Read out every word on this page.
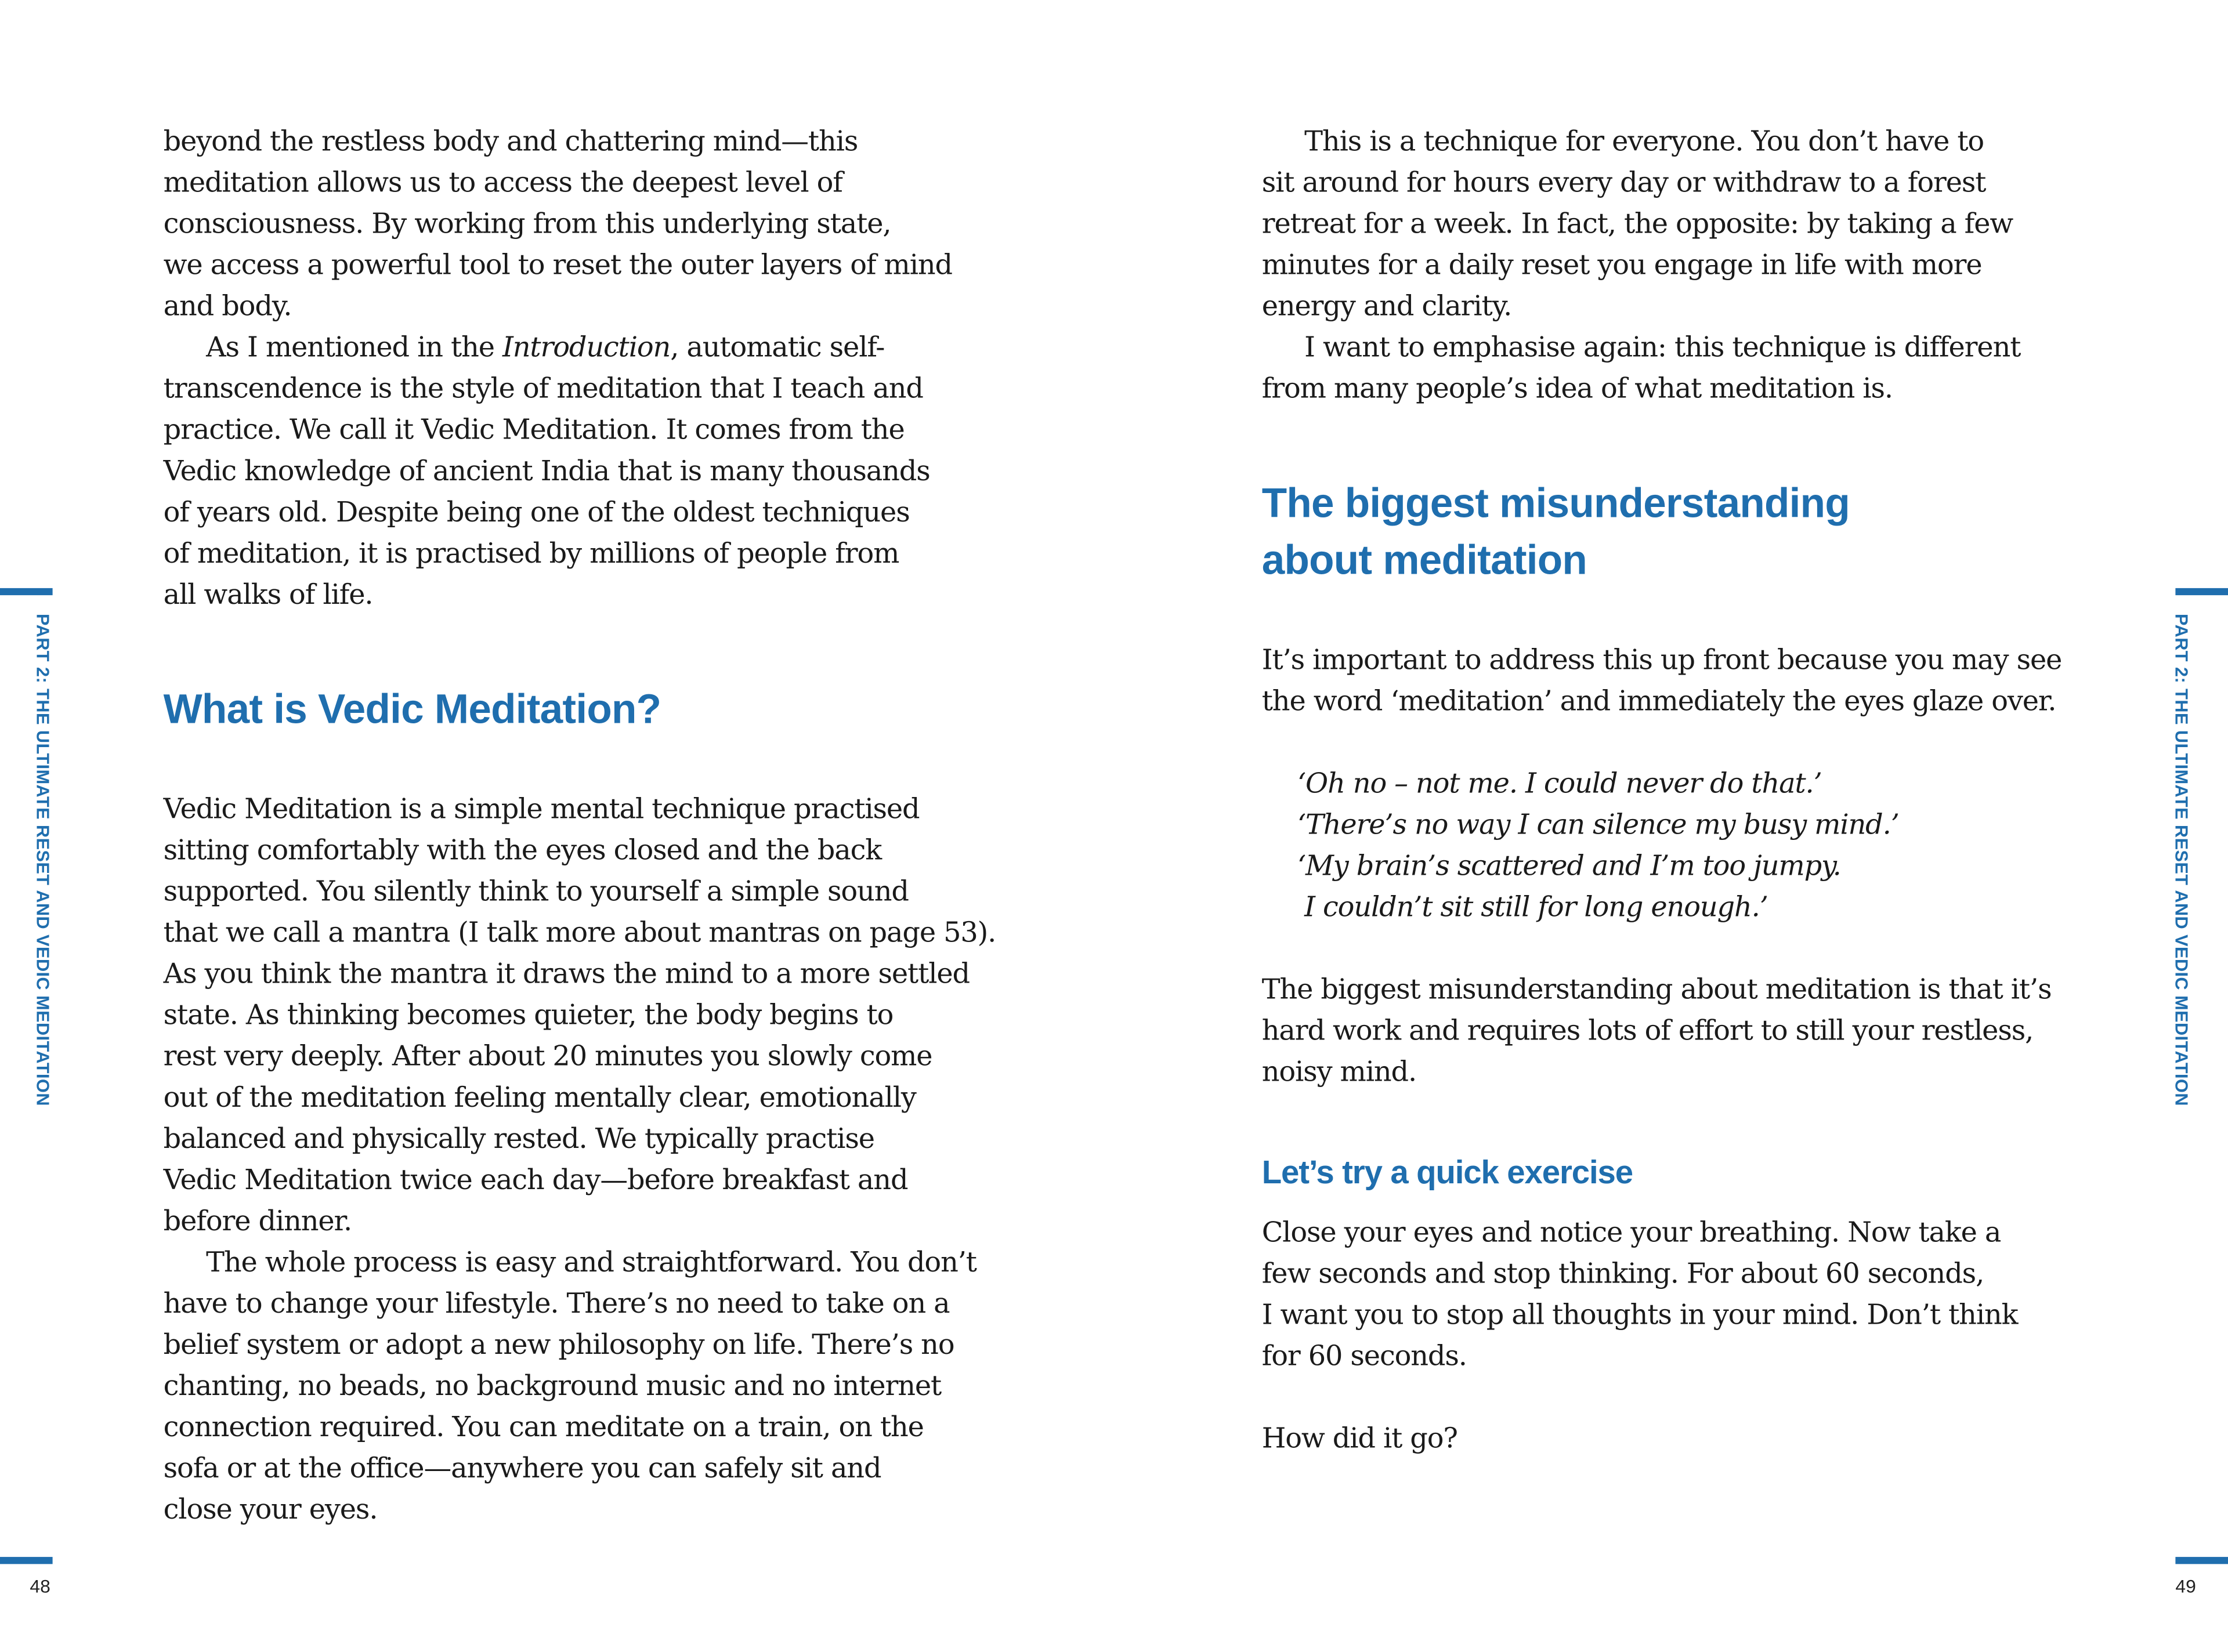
PART 2: THE ULTIMATE RESET AND VEDIC MEDITATION
48
PART 2: THE ULTIMATE RESET AND VEDIC MEDITATION
49
beyond the restless body and chattering mind—this
meditation allows us to access the deepest level of
consciousness. By working from this underlying state,
we access a powerful tool to reset the outer layers of mind
and body.
As I mentioned in the Introduction, automatic self-
transcendence is the style of meditation that I teach and
practice. We call it Vedic Meditation. It comes from the
Vedic knowledge of ancient India that is many thousands
of years old. Despite being one of the oldest techniques
of meditation, it is practised by millions of people from
all walks of life.
What is Vedic Meditation?
Vedic Meditation is a simple mental technique practised
sitting comfortably with the eyes closed and the back
supported. You silently think to yourself a simple sound
that we call a mantra (I talk more about mantras on page 53).
As you think the mantra it draws the mind to a more settled
state. As thinking becomes quieter, the body begins to
rest very deeply. After about 20 minutes you slowly come
out of the meditation feeling mentally clear, emotionally
balanced and physically rested. We typically practise
Vedic Meditation twice each day—before breakfast and
before dinner.
The whole process is easy and straightforward. You don’t
have to change your lifestyle. There’s no need to take on a
belief system or adopt a new philosophy on life. There’s no
chanting, no beads, no background music and no internet
connection required. You can meditate on a train, on the
sofa or at the office—anywhere you can safely sit and
close your eyes.
This is a technique for everyone. You don’t have to
sit around for hours every day or withdraw to a forest
retreat for a week. In fact, the opposite: by taking a few
minutes for a daily reset you engage in life with more
energy and clarity.
I want to emphasise again: this technique is different
from many people’s idea of what meditation is.
The biggest misunderstanding
about meditation
It’s important to address this up front because you may see
the word ‘meditation’ and immediately the eyes glaze over.
‘Oh no – not me. I could never do that.’
‘There’s no way I can silence my busy mind.’
‘My brain’s scattered and I’m too jumpy.
I couldn’t sit still for long enough.’
The biggest misunderstanding about meditation is that it’s
hard work and requires lots of effort to still your restless,
noisy mind.
Let’s try a quick exercise
Close your eyes and notice your breathing. Now take a
few seconds and stop thinking. For about 60 seconds,
I want you to stop all thoughts in your mind. Don’t think
for 60 seconds.
How did it go?
